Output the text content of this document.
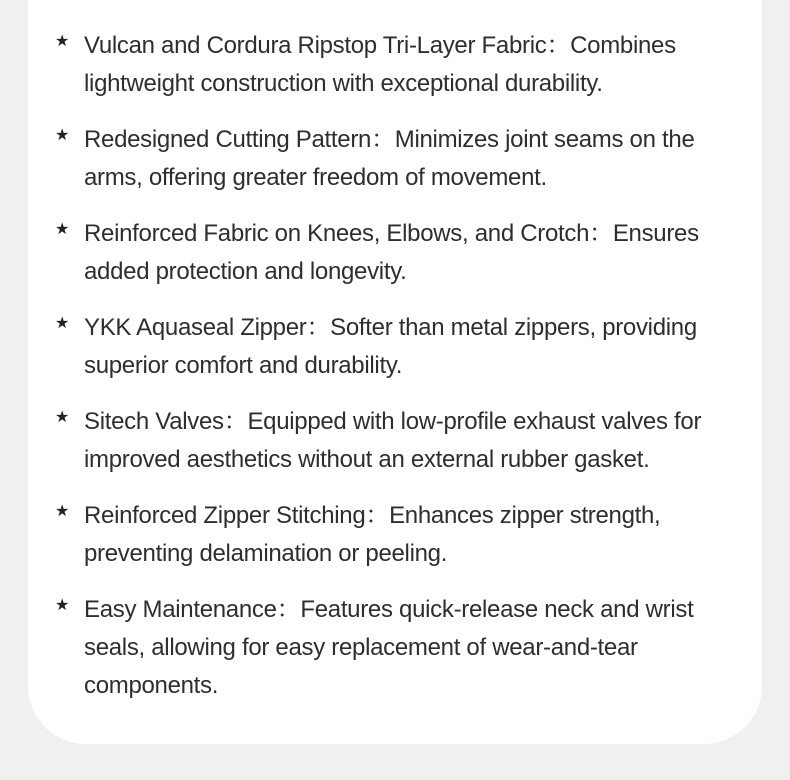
★ Vulcan and Cordura Ripstop Tri-Layer Fabric：Combines lightweight construction with exceptional durability.
★ Redesigned Cutting Pattern：Minimizes joint seams on the arms, offering greater freedom of movement.
★ Reinforced Fabric on Knees, Elbows, and Crotch：Ensures added protection and longevity.
★ YKK Aquaseal Zipper：Softer than metal zippers, providing superior comfort and durability.
★ Sitech Valves：Equipped with low-profile exhaust valves for improved aesthetics without an external rubber gasket.
★ Reinforced Zipper Stitching：Enhances zipper strength, preventing delamination or peeling.
★ Easy Maintenance：Features quick-release neck and wrist seals, allowing for easy replacement of wear-and-tear components.
